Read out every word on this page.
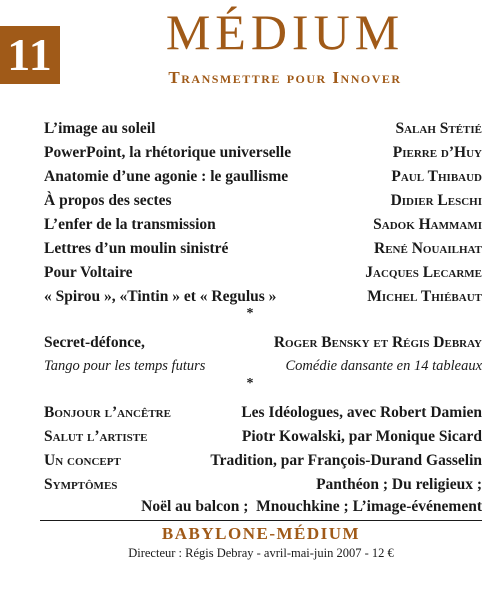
11	MÉDIUM
Transmettre pour Innover
L’image au soleil	Salah Stétié
PowerPoint, la rhétorique universelle	Pierre d’Huy
Anatomie d’une agonie : le gaullisme	Paul Thibaud
À propos des sectes	Didier Leschi
L’enfer de la transmission	Sadok Hammami
Lettres d’un moulin sinistré	René Nouailhat
Pour Voltaire	Jacques Lecarme
« Spirou », «Tintin » et « Regulus »	Michel Thiébaut
*
Secret-défonce,	Roger Bensky et Régis Debray
Tango pour les temps futurs	Comédie dansante en 14 tableaux
*
Bonjour l’ancêtre	Les Idéologues, avec Robert Damien
Salut l’artiste	Piotr Kowalski, par Monique Sicard
Un concept	Tradition, par François-Durand Gasselin
Symptômes	Panthéon ; Du religieux ;
Noël au balcon ;  Mnouchkine ; L’image-événement
BABYLONE-MÉDIUM
Directeur : Régis Debray - avril-mai-juin 2007 - 12 €
